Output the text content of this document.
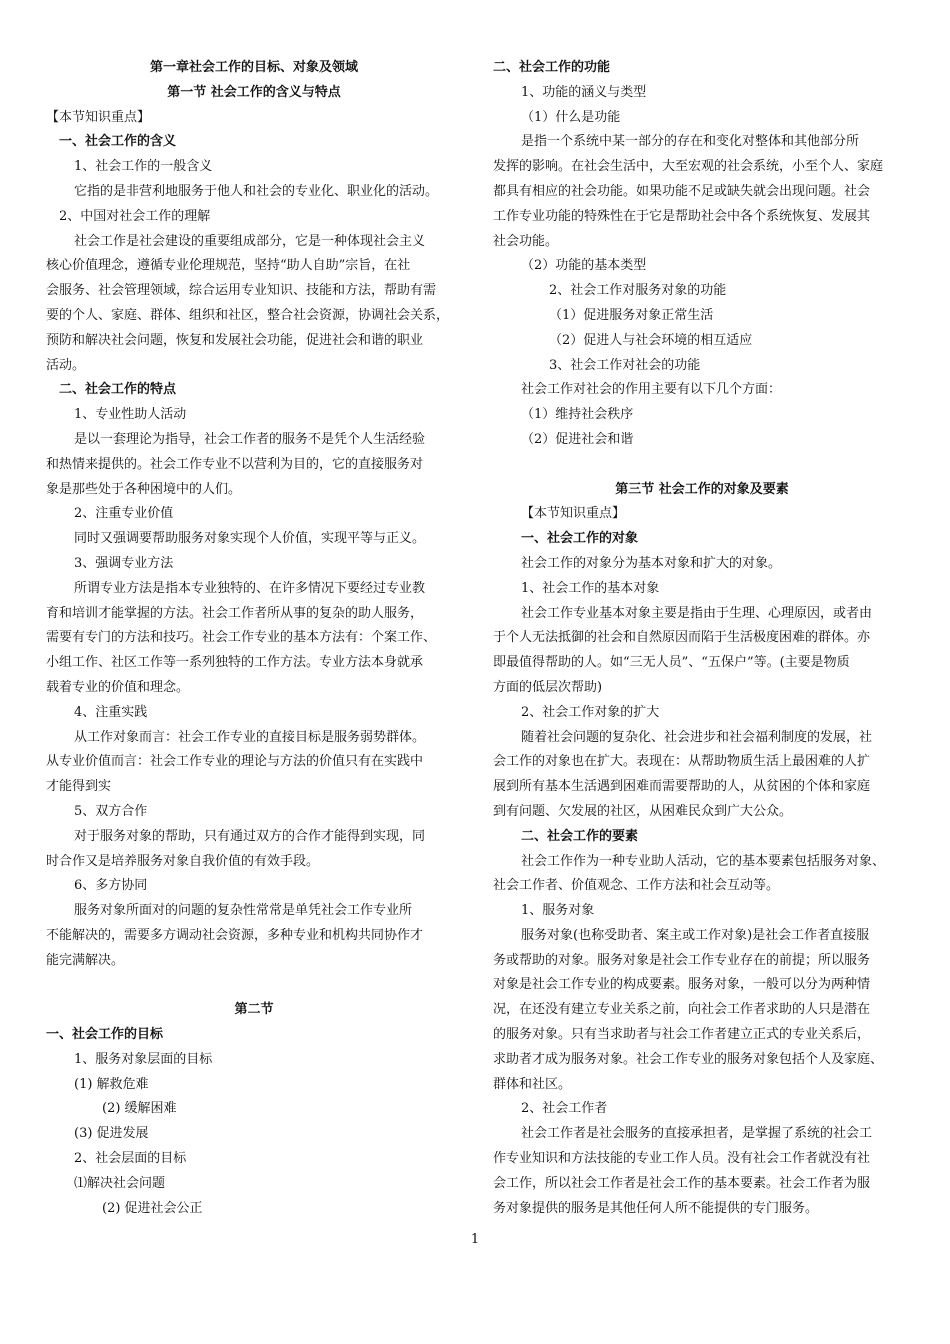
第一章社会工作的目标、对象及领域
第一节 社会工作的含义与特点
【本节知识重点】
一、社会工作的含义
1、社会工作的一般含义
它指的是非营利地服务于他人和社会的专业化、职业化的活动。
2、中国对社会工作的理解
社会工作是社会建设的重要组成部分，它是一种体现社会主义
核心价值理念，遵循专业伦理规范，坚持“助人自助”宗旨，在社
会服务、社会管理领域，综合运用专业知识、技能和方法，帮助有需
要的个人、家庭、群体、组织和社区，整合社会资源，协调社会关系，
预防和解决社会问题，恢复和发展社会功能，促进社会和谐的职业
活动。
二、社会工作的特点
1、专业性助人活动
是以一套理论为指导，社会工作者的服务不是凭个人生活经验
和热情来提供的。社会工作专业不以营利为目的，它的直接服务对
象是那些处于各种困境中的人们。
2、注重专业价值
同时又强调要帮助服务对象实现个人价值，实现平等与正义。
3、强调专业方法
所谓专业方法是指本专业独特的、在许多情况下要经过专业教
育和培训才能掌握的方法。社会工作者所从事的复杂的助人服务，
需要有专门的方法和技巧。社会工作专业的基本方法有：个案工作、
小组工作、社区工作等一系列独特的工作方法。专业方法本身就承
载着专业的价值和理念。
4、注重实践
从工作对象而言：社会工作专业的直接目标是服务弱势群体。
从专业价值而言：社会工作专业的理论与方法的价值只有在实践中
才能得到实
5、双方合作
对于服务对象的帮助，只有通过双方的合作才能得到实现，同
时合作又是培养服务对象自我价值的有效手段。
6、多方协同
服务对象所面对的问题的复杂性常常是单凭社会工作专业所
不能解决的，需要多方调动社会资源，多种专业和机构共同协作才
能完满解决。
第二节
一、社会工作的目标
1、服务对象层面的目标
(1) 解救危难
(2) 缓解困难
(3) 促进发展
2、社会层面的目标
⑴解决社会问题
(2) 促进社会公正
二、社会工作的功能
1、功能的涵义与类型
（1）什么是功能
是指一个系统中某一部分的存在和变化对整体和其他部分所
发挥的影响。在社会生活中，大至宏观的社会系统，小至个人、家庭
都具有相应的社会功能。如果功能不足或缺失就会出现问题。社会
工作专业功能的特殊性在于它是帮助社会中各个系统恢复、发展其
社会功能。
（2）功能的基本类型
2、社会工作对服务对象的功能
（1）促进服务对象正常生活
（2）促进人与社会环境的相互适应
3、社会工作对社会的功能
社会工作对社会的作用主要有以下几个方面：
（1）维持社会秩序
（2）促进社会和谐
第三节 社会工作的对象及要素
【本节知识重点】
一、社会工作的对象
社会工作的对象分为基本对象和扩大的对象。
1、社会工作的基本对象
社会工作专业基本对象主要是指由于生理、心理原因，或者由
于个人无法抵御的社会和自然原因而陷于生活极度困难的群体。亦
即最值得帮助的人。如“三无人员”、“五保户”等。(主要是物质
方面的低层次帮助)
2、社会工作对象的扩大
随着社会问题的复杂化、社会进步和社会福利制度的发展，社
会工作的对象也在扩大。表现在：从帮助物质生活上最困难的人扩
展到所有基本生活遇到困难而需要帮助的人，从贫困的个体和家庭
到有问题、欠发展的社区，从困难民众到广大公众。
二、社会工作的要素
社会工作作为一种专业助人活动，它的基本要素包括服务对象、
社会工作者、价值观念、工作方法和社会互动等。
1、服务对象
服务对象(也称受助者、案主或工作对象)是社会工作者直接服
务或帮助的对象。服务对象是社会工作专业存在的前提；所以服务
对象是社会工作专业的构成要素。服务对象，一般可以分为两种情
况，在还没有建立专业关系之前，向社会工作者求助的人只是潜在
的服务对象。只有当求助者与社会工作者建立正式的专业关系后，
求助者才成为服务对象。社会工作专业的服务对象包括个人及家庭、
群体和社区。
2、社会工作者
社会工作者是社会服务的直接承担者，是掌握了系统的社会工
作专业知识和方法技能的专业工作人员。没有社会工作者就没有社
会工作，所以社会工作者是社会工作的基本要素。社会工作者为服
务对象提供的服务是其他任何人所不能提供的专门服务。
1
